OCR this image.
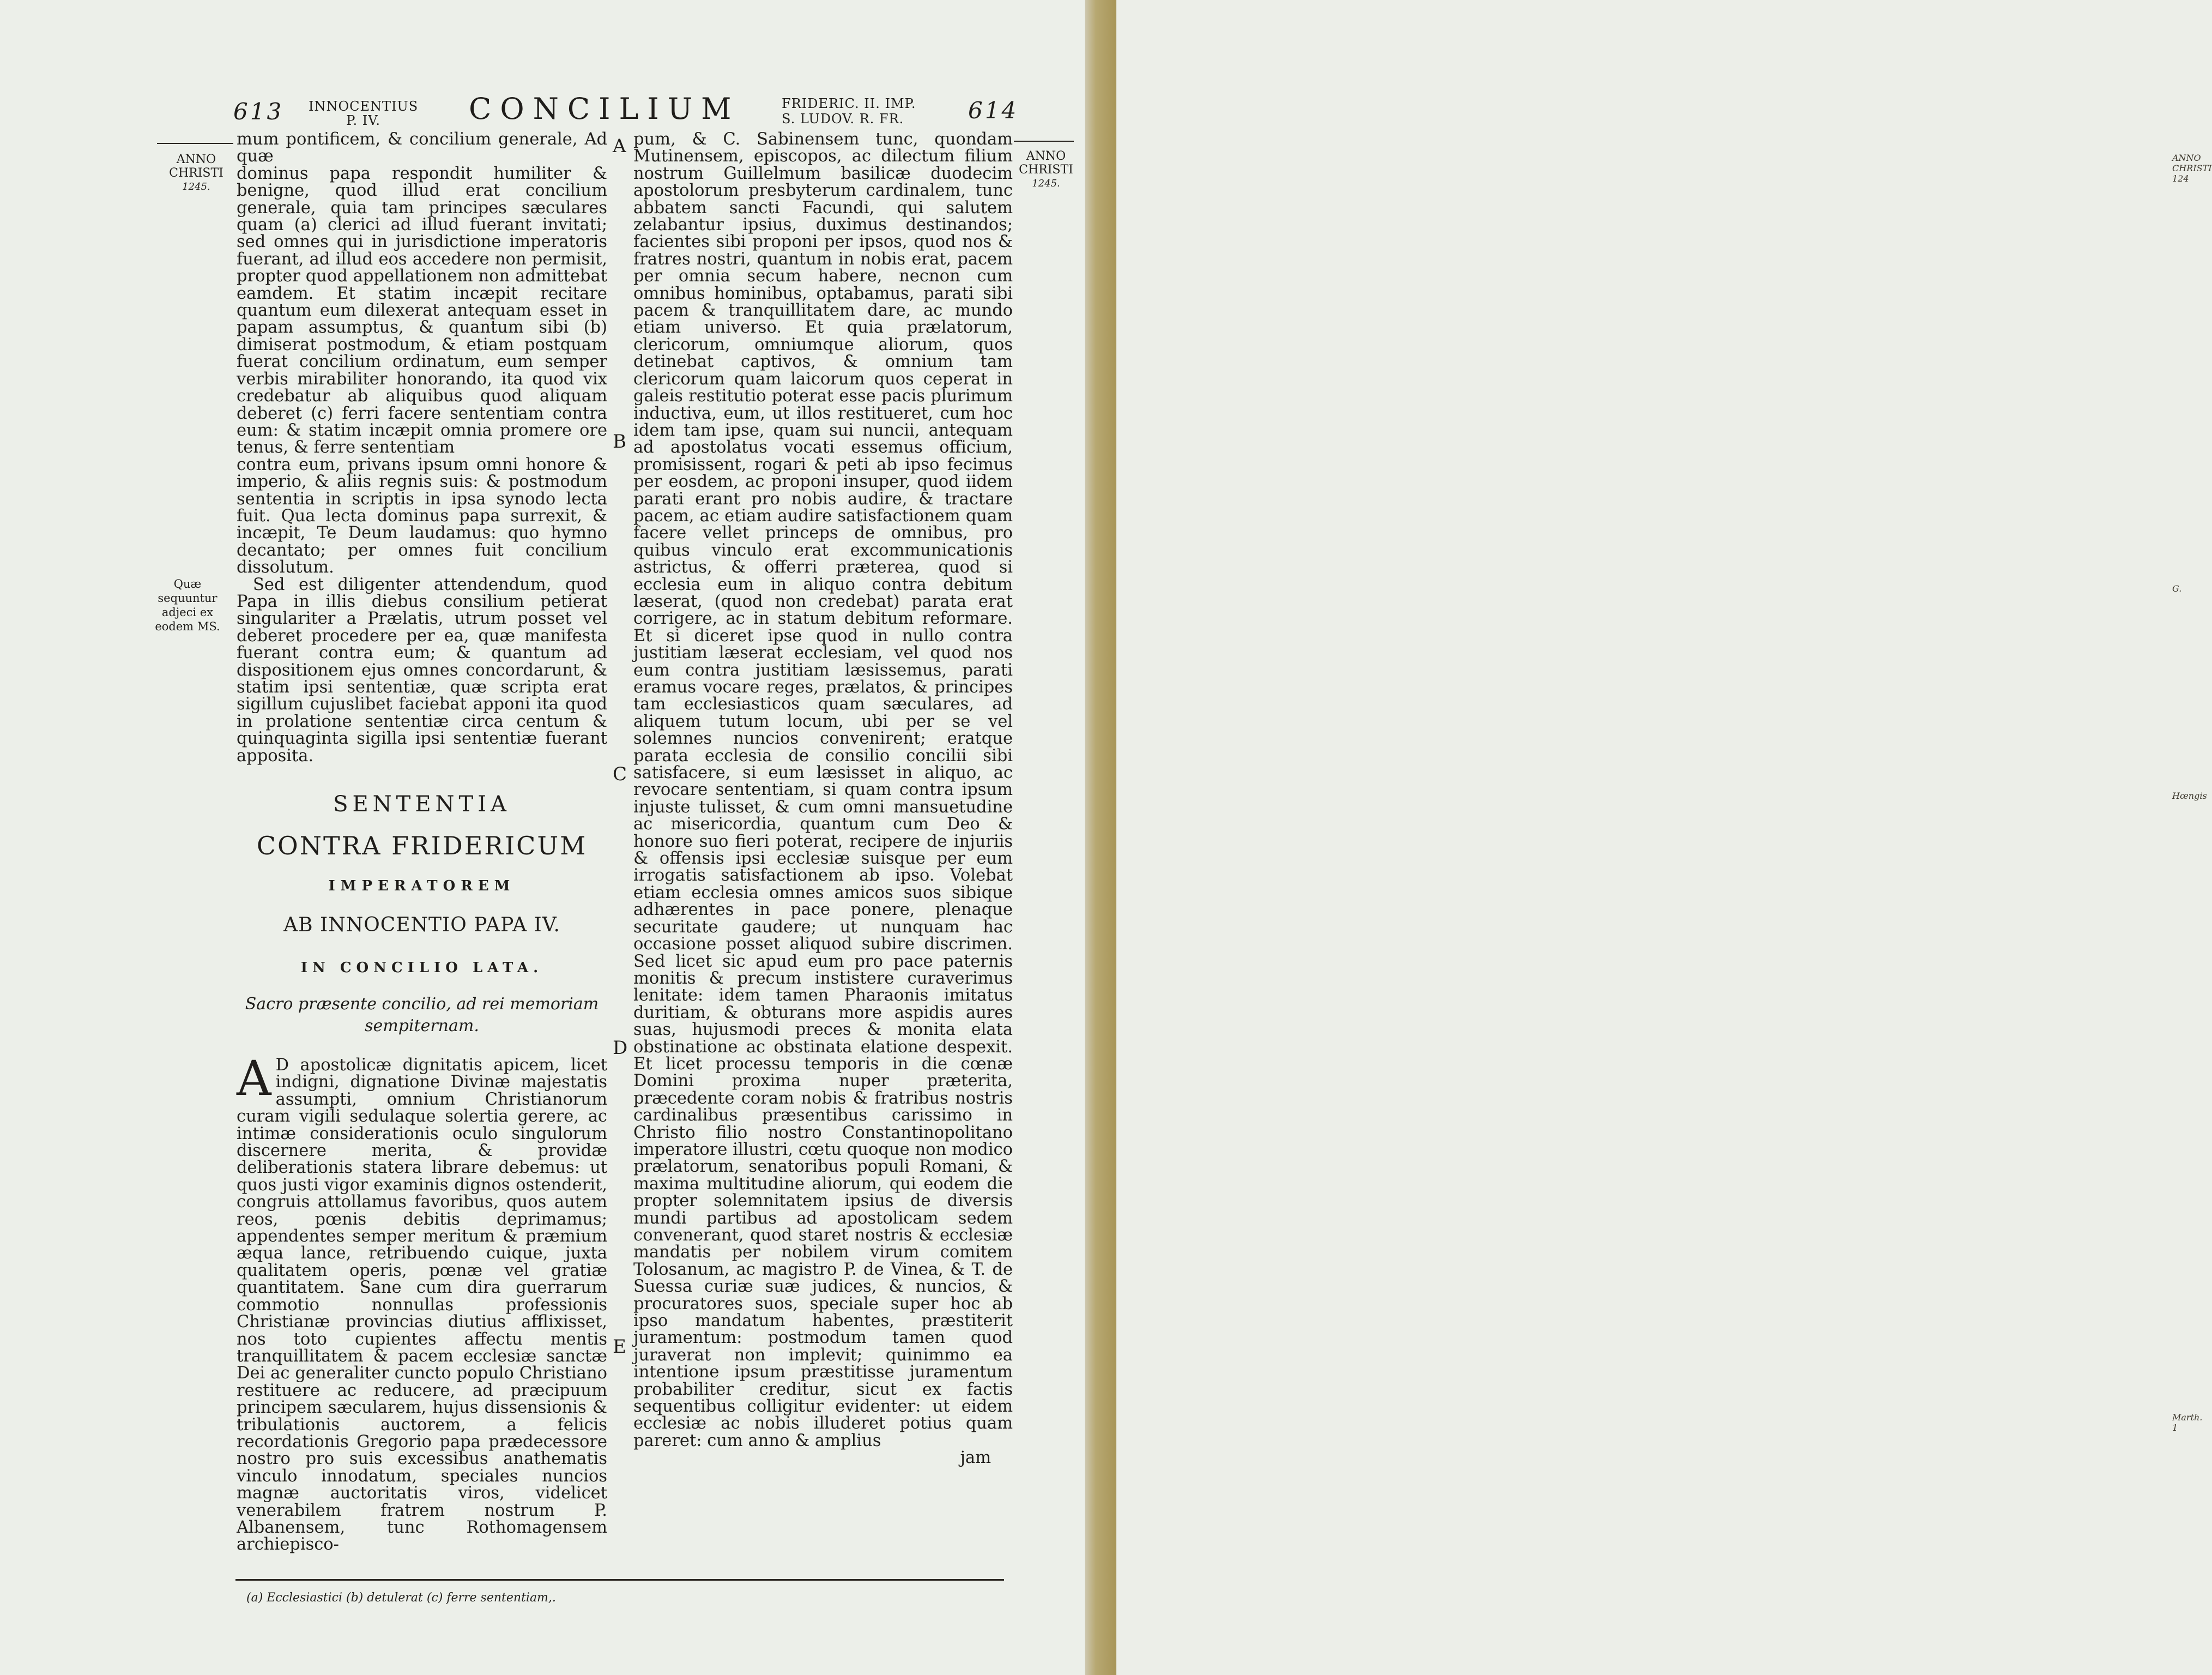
613 INNOCENTIUS
P. IV.	CONCILIUM	FRIDERIC. II. IMP.
S. LUDOV. R. FR.	614
ANNO
CHRISTI
1245.
ANNO
CHRISTI
1245.
Quæ sequuntur adjeci ex eodem MS.

mum pontificem, & concilium generale, Ad quæ

dominus papa respondit humiliter & benigne, quod illud erat concilium generale, quia tam principes sæculares quam (a) clerici ad illud fuerant invitati; sed omnes qui in jurisdictione imperatoris fuerant, ad illud eos accedere non permisit, propter quod appellationem non admittebat eamdem. Et statim incæpit recitare quantum eum dilexerat antequam esset in papam assumptus, & quantum sibi (b) dimiserat postmodum, & etiam postquam fuerat concilium ordinatum, eum semper verbis mirabiliter honorando, ita quod vix credebatur ab aliquibus quod aliquam deberet (c) ferri facere sententiam contra eum: & statim incæpit omnia promere ore tenus, & ferre sententiam

contra eum, privans ipsum omni honore & imperio, & aliis regnis suis: & postmodum sententia in scriptis in ipsa synodo lecta fuit. Qua lecta dominus papa surrexit, & incæpit, Te Deum laudamus: quo hymno decantato; per omnes fuit concilium dissolutum.

Sed est diligenter attendendum, quod Papa in illis diebus consilium petierat singulariter a Prælatis, utrum posset vel deberet procedere per ea, quæ manifesta fuerant contra eum; & quantum ad dispositionem ejus omnes concordarunt, & statim ipsi sententiæ, quæ scripta erat sigillum cujuslibet faciebat apponi ita quod in prolatione sententiæ circa centum & quinquaginta sigilla ipsi sententiæ fuerant apposita.

SENTENTIA
CONTRA FRIDERICUM
IMPERATOREM
AB INNOCENTIO PAPA IV.
IN CONCILIO LATA.
Sacro præsente concilio, ad rei memoriam sempiternam.
A D apostolicæ dignitatis apicem, licet indigni, dignatione Divinæ majestatis assumpti, omnium Christianorum curam vigili sedulaque solertia gerere, ac intimæ considerationis oculo singulorum discernere merita, & providæ deliberationis statera librare debemus: ut quos justi vigor examinis dignos ostenderit, congruis attollamus favoribus, quos autem reos, pœnis debitis deprimamus; appendentes semper meritum & præmium æqua lance, retribuendo cuique, juxta qualitatem operis, pœnæ vel gratiæ quantitatem. Sane cum dira guerrarum commotio nonnullas professionis Christianæ provincias diutius afflixisset, nos toto cupientes affectu mentis tranquillitatem & pacem ecclesiæ sanctæ Dei ac generaliter cuncto populo Christiano restituere ac reducere, ad præcipuum principem sæcularem, hujus dissensionis & tribulationis auctorem, a felicis recordationis Gregorio papa prædecessore nostro pro suis excessibus anathematis vinculo innodatum, speciales nuncios magnæ auctoritatis viros, videlicet venerabilem fratrem nostrum P. Albanensem, tunc Rothomagensem archiepisco-

pum, & C. Sabinensem tunc, quondam Mutinensem, episcopos, ac dilectum filium nostrum Guillelmum basilicæ duodecim apostolorum presbyterum cardinalem, tunc abbatem sancti Facundi, qui salutem zelabantur ipsius, duximus destinandos; facientes sibi proponi per ipsos, quod nos & fratres nostri, quantum in nobis erat, pacem per omnia secum habere, necnon cum omnibus hominibus, optabamus, parati sibi pacem & tranquillitatem dare, ac mundo etiam universo. Et quia prælatorum, clericorum, omniumque aliorum, quos detinebat captivos, & omnium tam clericorum quam laicorum quos ceperat in galeis restitutio poterat esse pacis plurimum inductiva, eum, ut illos restitueret, cum hoc idem tam ipse, quam sui nuncii, antequam ad apostolatus vocati essemus officium, promisissent, rogari & peti ab ipso fecimus per eosdem, ac proponi insuper, quod iidem parati erant pro nobis audire, & tractare pacem, ac etiam audire satisfactionem quam facere vellet princeps de omnibus, pro quibus vinculo erat excommunicationis astrictus, & offerri præterea, quod si ecclesia eum in aliquo contra debitum læserat, (quod non credebat) parata erat corrigere, ac in statum debitum reformare. Et si diceret ipse quod in nullo contra justitiam læserat ecclesiam, vel quod nos eum contra justitiam læsissemus, parati eramus vocare reges, prælatos, & principes tam ecclesiasticos quam sæculares, ad aliquem tutum locum, ubi per se vel solemnes nuncios convenirent; eratque parata ecclesia de consilio concilii sibi satisfacere, si eum læsisset in aliquo, ac revocare sententiam, si quam contra ipsum injuste tulisset, & cum omni mansuetudine ac misericordia, quantum cum Deo & honore suo fieri poterat, recipere de injuriis & offensis ipsi ecclesiæ suisque per eum irrogatis satisfactionem ab ipso. Volebat etiam ecclesia omnes amicos suos sibique adhærentes in pace ponere, plenaque securitate gaudere; ut nunquam hac occasione posset aliquod subire discrimen. Sed licet sic apud eum pro pace paternis monitis & precum instistere curaverimus lenitate: idem tamen Pharaonis imitatus duritiam, & obturans more aspidis aures suas, hujusmodi preces & monita elata obstinatione ac obstinata elatione despexit. Et licet processu temporis in die cœnæ Domini proxima nuper præterita, præcedente coram nobis & fratribus nostris cardinalibus præsentibus carissimo in Christo filio nostro Constantinopolitano imperatore illustri, cœtu quoque non modico prælatorum, senatoribus populi Romani, & maxima multitudine aliorum, qui eodem die propter solemnitatem ipsius de diversis mundi partibus ad apostolicam sedem convenerant, quod staret nostris & ecclesiæ mandatis per nobilem virum comitem Tolosanum, ac magistro P. de Vinea, & T. de Suessa curiæ suæ judices, & nuncios, & procuratores suos, speciale super hoc ab ipso mandatum habentes, præstiterit juramentum: postmodum tamen quod juraverat non implevit; quinimmo ea intentione ipsum præstitisse juramentum probabiliter creditur, sicut ex factis sequentibus colligitur evidenter: ut eidem ecclesiæ ac nobis illuderet potius quam pareret: cum anno & amplius

jam

A
B
C
D
E
(a) Ecclesiastici (b) detulerat (c) ferre sententiam,.
ANNO CHRISTI 124
G.
Hœngis
Marth. 1
